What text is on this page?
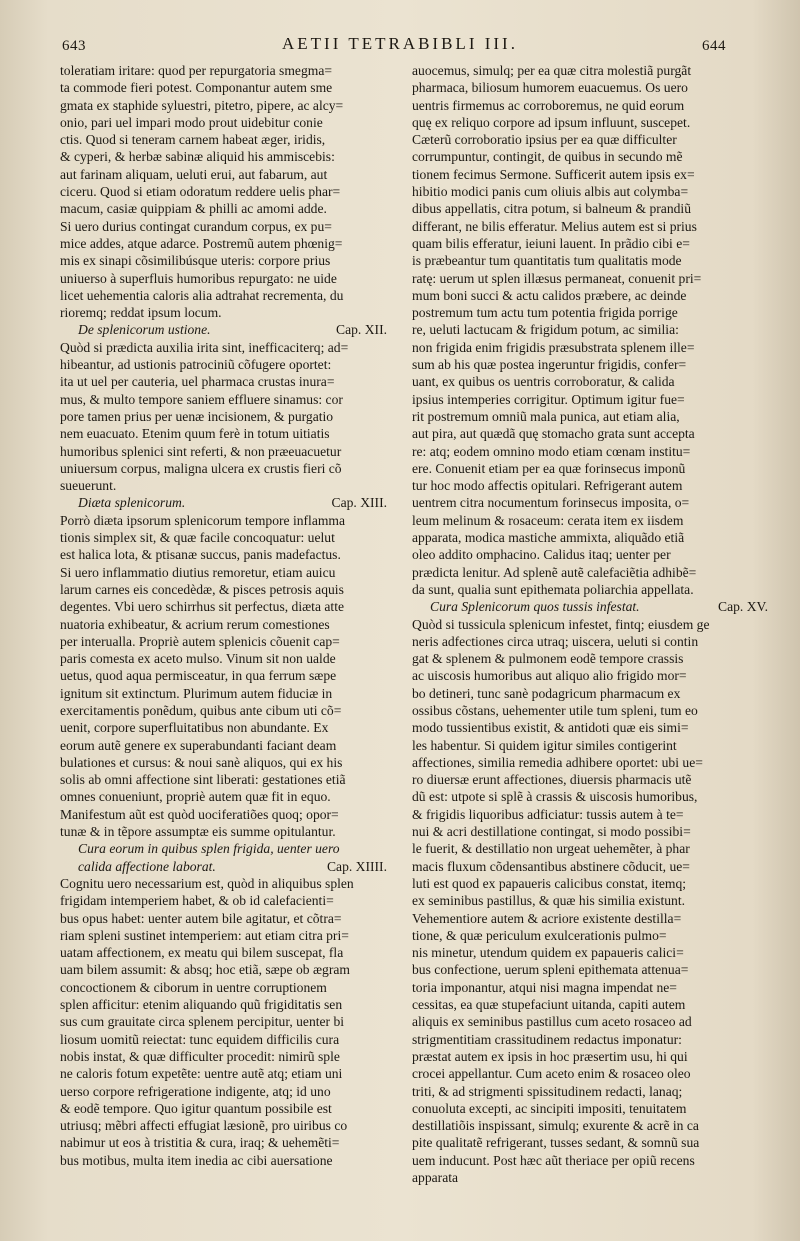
643	AETII TETRABIBLI III.	644

toleratiam iritare: quod per repurgatoria smegma=

ta commode fieri potest. Componantur autem sme

gmata ex staphide syluestri, pitetro, pipere, ac alcy=

onio, pari uel impari modo prout uidebitur conie

ctis. Quod si teneram carnem habeat æger, iridis,

& cyperi, & herbæ sabinæ aliquid his ammiscebis:

aut farinam aliquam, ueluti erui, aut fabarum, aut

ciceru. Quod si etiam odoratum reddere uelis phar=

macum, casiæ quippiam & philli ac amomi adde.

Si uero durius contingat curandum corpus, ex pu=

mice addes, atque adarce. Postremũ autem phœnig=

mis ex sinapi cõsimilibúsque uteris: corpore prius

uniuerso à superfluis humoribus repurgato: ne uide

licet uehementia caloris alia adtrahat recrementa, du

rioremq; reddat ipsum locum.

De splenicorum ustione.	Cap. XII.

Quòd si prædicta auxilia irita sint, inefficaciterq; ad=

hibeantur, ad ustionis patrociniũ cõfugere oportet:

ita ut uel per cauteria, uel pharmaca crustas inura=

mus, & multo tempore saniem effluere sinamus: cor

pore tamen prius per uenæ incisionem, & purgatio

nem euacuato. Etenim quum ferè in totum uitiatis

humoribus splenici sint referti, & non præeuacuetur

uniuersum corpus, maligna ulcera ex crustis fieri cõ

sueuerunt.

Diæta splenicorum.	Cap. XIII.

Porrò diæta ipsorum splenicorum tempore inflamma

tionis simplex sit, & quæ facile concoquatur: uelut

est halica lota, & ptisanæ succus, panis madefactus.

Si uero inflammatio diutius remoretur, etiam auicu

larum carnes eis concedèdæ, & pisces petrosis aquis

degentes. Vbi uero schirrhus sit perfectus, diæta atte

nuatoria exhibeatur, & acrium rerum comestiones

per interualla. Propriè autem splenicis cõuenit cap=

paris comesta ex aceto mulso. Vinum sit non ualde

uetus, quod aqua permisceatur, in qua ferrum sæpe

ignitum sit extinctum. Plurimum autem fiduciæ in

exercitamentis ponẽdum, quibus ante cibum uti cõ=

uenit, corpore superfluitatibus non abundante. Ex

eorum autẽ genere ex superabundanti faciant deam

bulationes et cursus: & noui sanè aliquos, qui ex his

solis ab omni affectione sint liberati: gestationes etiã

omnes conueniunt, propriè autem quæ fit in equo.

Manifestum aũt est quòd uociferatiões quoq; opor=

tunæ & in tẽpore assumptæ eis summe opitulantur.

Cura eorum in quibus splen frigida, uenter uero

calida affectione laborat.	Cap. XIIII.

Cognitu uero necessarium est, quòd in aliquibus splen

frigidam intemperiem habet, & ob id calefacienti=

bus opus habet: uenter autem bile agitatur, et cõtra=

riam spleni sustinet intemperiem: aut etiam citra pri=

uatam affectionem, ex meatu qui bilem suscepat, fla

uam bilem assumit: & absq; hoc etiã, sæpe ob ægram

concoctionem & ciborum in uentre corruptionem

splen afficitur: etenim aliquando quũ frigiditatis sen

sus cum grauitate circa splenem percipitur, uenter bi

liosum uomitũ reiectat: tunc equidem difficilis cura

nobis instat, & quæ difficulter procedit: nimirũ sple

ne caloris fotum expetẽte: uentre autẽ atq; etiam uni

uerso corpore refrigeratione indigente, atq; id uno

& eodẽ tempore. Quo igitur quantum possibile est

utriusq; mẽbri affecti effugiat læsionẽ, pro uiribus co

nabimur ut eos à tristitia & cura, iraq; & uehemẽti=

bus motibus, multa item inedia ac cibi auersatione

auocemus, simulq; per ea quæ citra molestiã purgãt

pharmaca, biliosum humorem euacuemus. Os uero

uentris firmemus ac corroboremus, ne quid eorum

quę ex reliquo corpore ad ipsum influunt, suscepet.

Cæterũ corroboratio ipsius per ea quæ difficulter

corrumpuntur, contingit, de quibus in secundo mẽ

tionem fecimus Sermone. Sufficerit autem ipsis ex=

hibitio modici panis cum oliuis albis aut colymba=

dibus appellatis, citra potum, si balneum & prandiũ

differant, ne bilis efferatur. Melius autem est si prius

quam bilis efferatur, ieiuni lauent. In prãdio cibi e=

is præbeantur tum quantitatis tum qualitatis mode

ratę: uerum ut splen illæsus permaneat, conuenit pri=

mum boni succi & actu calidos præbere, ac deinde

postremum tum actu tum potentia frigida porrige

re, ueluti lactucam & frigidum potum, ac similia:

non frigida enim frigidis præsubstrata splenem ille=

sum ab his quæ postea ingeruntur frigidis, confer=

uant, ex quibus os uentris corroboratur, & calida

ipsius intemperies corrigitur. Optimum igitur fue=

rit postremum omniũ mala punica, aut etiam alia,

aut pira, aut quædã quę stomacho grata sunt accepta

re: atq; eodem omnino modo etiam cœnam institu=

ere. Conuenit etiam per ea quæ forinsecus imponũ

tur hoc modo affectis opitulari. Refrigerant autem

uentrem citra nocumentum forinsecus imposita, o=

leum melinum & rosaceum: cerata item ex iisdem

apparata, modica mastiche ammixta, aliquãdo etiã

oleo addito omphacino. Calidus itaq; uenter per

prædicta lenitur. Ad splenẽ autẽ calefaciẽtia adhibẽ=

da sunt, qualia sunt epithemata poliarchia appellata.

Cura Splenicorum quos tussis infestat.	Cap. XV.

Quòd si tussicula splenicum infestet, fintq; eiusdem ge

neris adfectiones circa utraq; uiscera, ueluti si contin

gat & splenem & pulmonem eodẽ tempore crassis

ac uiscosis humoribus aut aliquo alio frigido mor=

bo detineri, tunc sanè podagricum pharmacum ex

ossibus cõstans, uehementer utile tum spleni, tum eo

modo tussientibus existit, & antidoti quæ eis simi=

les habentur. Si quidem igitur similes contigerint

affectiones, similia remedia adhibere oportet: ubi ue=

ro diuersæ erunt affectiones, diuersis pharmacis utẽ

dũ est: utpote si splẽ à crassis & uiscosis humoribus,

& frigidis liquoribus adficiatur: tussis autem à te=

nui & acri destillatione contingat, si modo possibi=

le fuerit, & destillatio non urgeat uehemẽter, à phar

macis fluxum cõdensantibus abstinere cõducit, ue=

luti est quod ex papaueris calicibus constat, itemq;

ex seminibus pastillus, & quæ his similia existunt.

Vehementiore autem & acriore existente destilla=

tione, & quæ periculum exulcerationis pulmo=

nis minetur, utendum quidem ex papaueris calici=

bus confectione, uerum spleni epithemata attenua=

toria imponantur, atqui nisi magna impendat ne=

cessitas, ea quæ stupefaciunt uitanda, capiti autem

aliquis ex seminibus pastillus cum aceto rosaceo ad

strigmentitiam crassitudinem redactus imponatur:

præstat autem ex ipsis in hoc præsertim usu, hi qui

crocei appellantur. Cum aceto enim & rosaceo oleo

triti, & ad strigmenti spissitudinem redacti, lanaq;

conuoluta excepti, ac sincipiti impositi, tenuitatem

destillatiõis inspissant, simulq; exurente & acrẽ in ca

pite qualitatẽ refrigerant, tusses sedant, & somnũ sua

uem inducunt. Post hæc aũt theriace per opiũ recens

apparata
